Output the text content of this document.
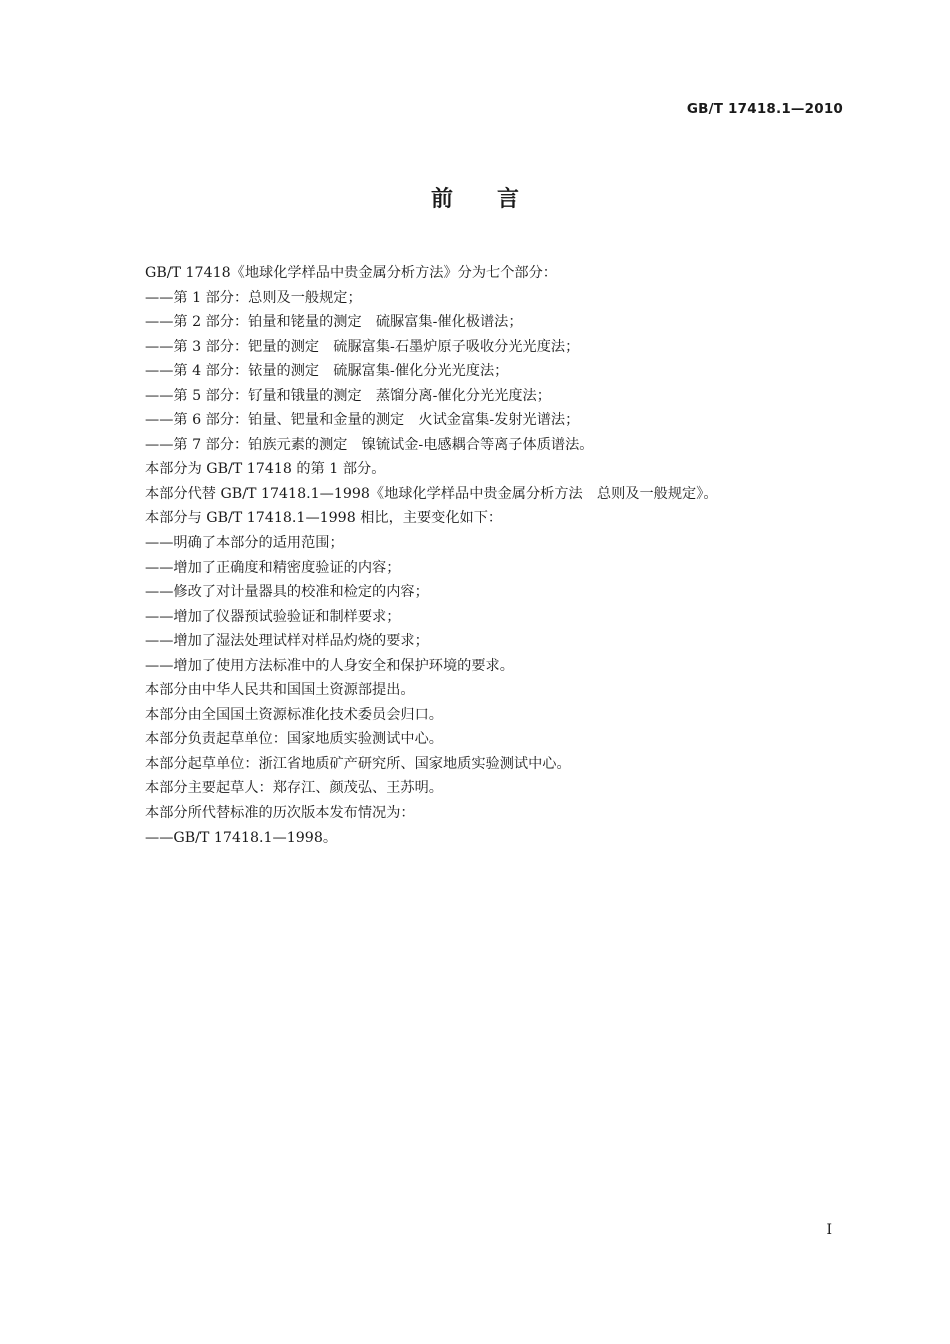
GB/T 17418.1—2010
前言
GB/T 17418《地球化学样品中贵金属分析方法》分为七个部分：
——第 1 部分：总则及一般规定；
——第 2 部分：铂量和铑量的测定　硫脲富集-催化极谱法；
——第 3 部分：钯量的测定　硫脲富集-石墨炉原子吸收分光光度法；
——第 4 部分：铱量的测定　硫脲富集-催化分光光度法；
——第 5 部分：钌量和锇量的测定　蒸馏分离-催化分光光度法；
——第 6 部分：铂量、钯量和金量的测定　火试金富集-发射光谱法；
——第 7 部分：铂族元素的测定　镍锍试金-电感耦合等离子体质谱法。
本部分为 GB/T 17418 的第 1 部分。
本部分代替 GB/T 17418.1—1998《地球化学样品中贵金属分析方法　总则及一般规定》。
本部分与 GB/T 17418.1—1998 相比，主要变化如下：
——明确了本部分的适用范围；
——增加了正确度和精密度验证的内容；
——修改了对计量器具的校准和检定的内容；
——增加了仪器预试验验证和制样要求；
——增加了湿法处理试样对样品灼烧的要求；
——增加了使用方法标准中的人身安全和保护环境的要求。
本部分由中华人民共和国国土资源部提出。
本部分由全国国土资源标准化技术委员会归口。
本部分负责起草单位：国家地质实验测试中心。
本部分起草单位：浙江省地质矿产研究所、国家地质实验测试中心。
本部分主要起草人：郑存江、颜茂弘、王苏明。
本部分所代替标准的历次版本发布情况为：
——GB/T 17418.1—1998。
I
